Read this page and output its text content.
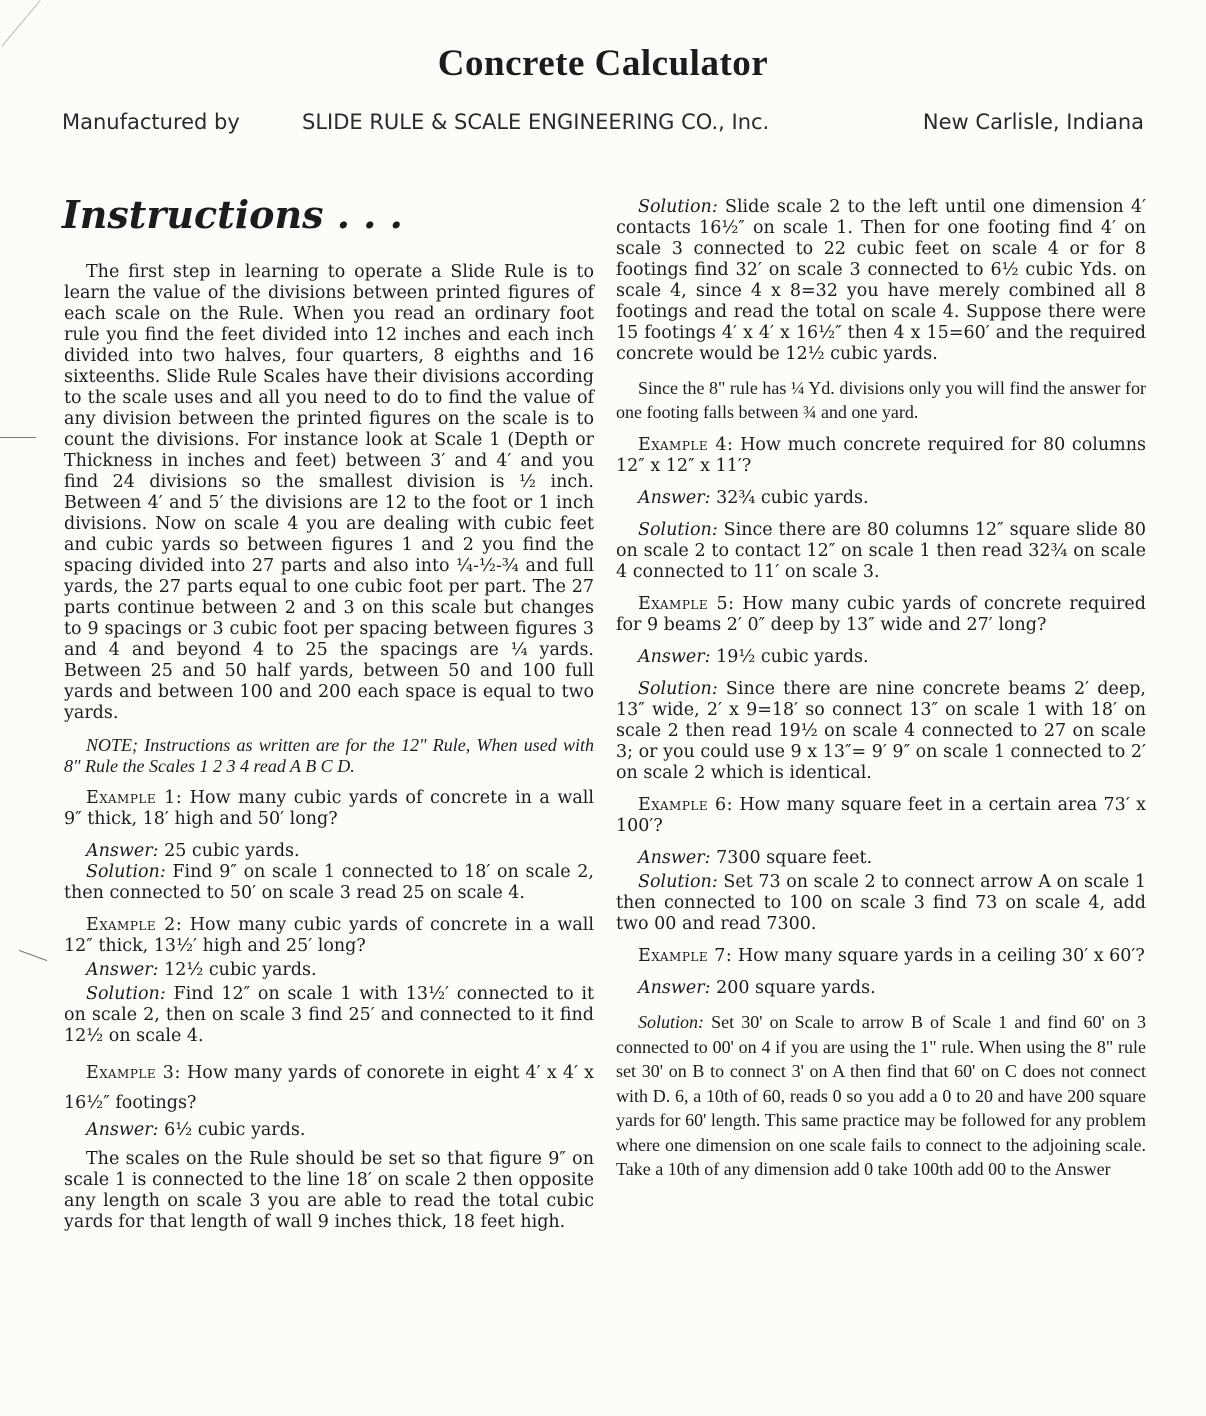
Concrete Calculator
Manufactured by	SLIDE RULE & SCALE ENGINEERING CO., Inc.	New Carlisle, Indiana
Instructions . . .

The first step in learning to operate a Slide Rule is to learn the value of the divisions between printed figures of each scale on the Rule. When you read an ordinary foot rule you find the feet divided into 12 inches and each inch divided into two halves, four quarters, 8 eighths and 16 sixteenths. Slide Rule Scales have their divisions according to the scale uses and all you need to do to find the value of any division between the printed figures on the scale is to count the divisions. For instance look at Scale 1 (Depth or Thickness in inches and feet) between 3′ and 4′ and you find 24 divisions so the smallest division is ½ inch. Between 4′ and 5′ the divisions are 12 to the foot or 1 inch divisions. Now on scale 4 you are dealing with cubic feet and cubic yards so between figures 1 and 2 you find the spacing divided into 27 parts and also into ¼-½-¾ and full yards, the 27 parts equal to one cubic foot per part. The 27 parts continue between 2 and 3 on this scale but changes to 9 spacings or 3 cubic foot per spacing between figures 3 and 4 and beyond 4 to 25 the spacings are ¼ yards. Between 25 and 50 half yards, between 50 and 100 full yards and between 100 and 200 each space is equal to two yards.

NOTE; Instructions as written are for the 12" Rule, When used with 8" Rule the Scales 1 2 3 4 read A B C D.

Example 1: How many cubic yards of concrete in a wall 9″ thick, 18′ high and 50′ long?

Answer: 25 cubic yards.

Solution: Find 9″ on scale 1 connected to 18′ on scale 2, then connected to 50′ on scale 3 read 25 on scale 4.

Example 2: How many cubic yards of concrete in a wall 12″ thick, 13½′ high and 25′ long?

Answer: 12½ cubic yards.

Solution: Find 12″ on scale 1 with 13½′ connected to it on scale 2, then on scale 3 find 25′ and connected to it find 12½ on scale 4.

Example 3: How many yards of conorete in eight 4′ x 4′ x 16½″ footings?

Answer: 6½ cubic yards.

The scales on the Rule should be set so that figure 9″ on scale 1 is connected to the line 18′ on scale 2 then opposite any length on scale 3 you are able to read the total cubic yards for that length of wall 9 inches thick, 18 feet high.

Solution: Slide scale 2 to the left until one dimension 4′ contacts 16½″ on scale 1. Then for one footing find 4′ on scale 3 connected to 22 cubic feet on scale 4 or for 8 footings find 32′ on scale 3 connected to 6½ cubic Yds. on scale 4, since 4 x 8=32 you have merely combined all 8 footings and read the total on scale 4. Suppose there were 15 footings 4′ x 4′ x 16½″ then 4 x 15=60′ and the required concrete would be 12½ cubic yards.

Since the 8" rule has ¼ Yd. divisions only you will find the answer for one footing falls between ¾ and one yard.

Example 4: How much concrete required for 80 columns 12″ x 12″ x 11′?

Answer: 32¾ cubic yards.

Solution: Since there are 80 columns 12″ square slide 80 on scale 2 to contact 12″ on scale 1 then read 32¾ on scale 4 connected to 11′ on scale 3.

Example 5: How many cubic yards of concrete required for 9 beams 2′ 0″ deep by 13″ wide and 27′ long?

Answer: 19½ cubic yards.

Solution: Since there are nine concrete beams 2′ deep, 13″ wide, 2′ x 9=18′ so connect 13″ on scale 1 with 18′ on scale 2 then read 19½ on scale 4 connected to 27 on scale 3; or you could use 9 x 13″= 9′ 9″ on scale 1 connected to 2′ on scale 2 which is identical.

Example 6: How many square feet in a certain area 73′ x 100′?

Answer: 7300 square feet.

Solution: Set 73 on scale 2 to connect arrow A on scale 1 then connected to 100 on scale 3 find 73 on scale 4, add two 00 and read 7300.

Example 7: How many square yards in a ceiling 30′ x 60′?

Answer: 200 square yards.

Solution: Set 30' on Scale to arrow B of Scale 1 and find 60' on 3 connected to 00' on 4 if you are using the 1" rule. When using the 8" rule set 30' on B to connect 3' on A then find that 60' on C does not connect with D. 6, a 10th of 60, reads 0 so you add a 0 to 20 and have 200 square yards for 60' length. This same practice may be followed for any problem where one dimension on one scale fails to connect to the adjoining scale. Take a 10th of any dimension add 0 take 100th add 00 to the Answer
